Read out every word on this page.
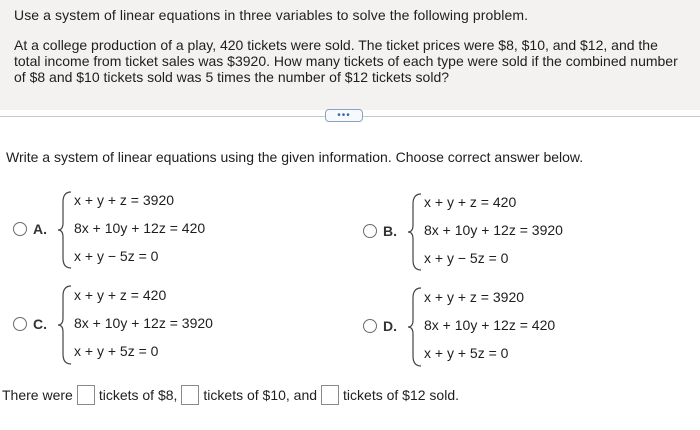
Use a system of linear equations in three variables to solve the following problem.
At a college production of a play, 420 tickets were sold. The ticket prices were $8, $10, and $12, and the total income from ticket sales was $3920. How many tickets of each type were sold if the combined number of $8 and $10 tickets sold was 5 times the number of $12 tickets sold?
•••
Write a system of linear equations using the given information. Choose correct answer below.
A.
x + y + z = 3920
8x + 10y + 12z = 420
x + y − 5z = 0
B.
x + y + z = 420
8x + 10y + 12z = 3920
x + y − 5z = 0
C.
x + y + z = 420
8x + 10y + 12z = 3920
x + y + 5z = 0
D.
x + y + z = 3920
8x + 10y + 12z = 420
x + y + 5z = 0
There were tickets of $8, tickets of $10, and tickets of $12 sold.
